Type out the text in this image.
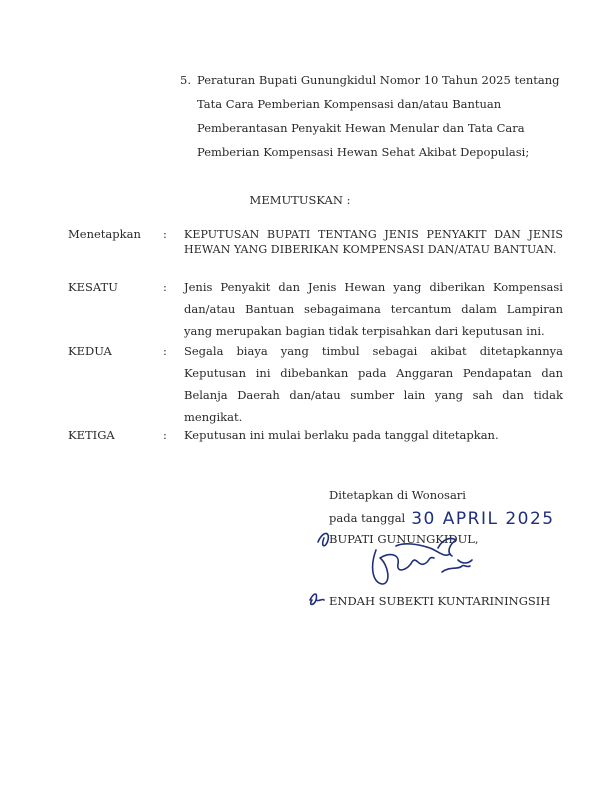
5. Peraturan Bupati Gunungkidul Nomor 10 Tahun 2025 tentang Tata Cara Pemberian Kompensasi dan/atau Bantuan Pemberantasan Penyakit Hewan Menular dan Tata Cara Pemberian Kompensasi Hewan Sehat Akibat Depopulasi;
MEMUTUSKAN :
Menetapkan	:	KEPUTUSAN BUPATI TENTANG JENIS PENYAKIT DAN JENIS HEWAN YANG DIBERIKAN KOMPENSASI DAN/ATAU BANTUAN.
KESATU	:	Jenis Penyakit dan Jenis Hewan yang diberikan Kompensasi dan/atau Bantuan sebagaimana tercantum dalam Lampiran yang merupakan bagian tidak terpisahkan dari keputusan ini.
KEDUA	:	Segala biaya yang timbul sebagai akibat ditetapkannya Keputusan ini dibebankan pada Anggaran Pendapatan dan Belanja Daerah dan/atau sumber lain yang sah dan tidak mengikat.
KETIGA	:	Keputusan ini mulai berlaku pada tanggal ditetapkan.
Ditetapkan di Wonosari
pada tanggal 30 APRIL 2025
BUPATI GUNUNGKIDUL,
ENDAH SUBEKTI KUNTARININGSIH
